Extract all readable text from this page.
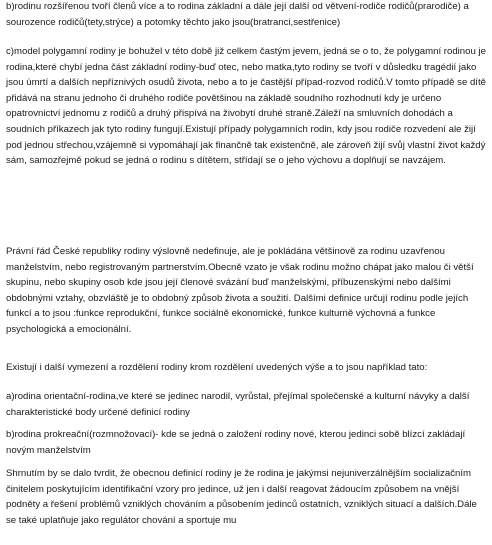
b)rodinu rozšířenou tvoří členů více a to rodina základní a dále její další od větvení-rodiče rodičů(prarodiče) a sourozence rodičů(tety,strýce) a potomky těchto jako jsou(bratranci,sestřenice)

c)model polygamní rodiny je bohužel v této době již celkem častým jevem, jedná se o to, že polygamní rodinou je rodina,které chybí jedna část základní rodiny-buď otec, nebo matka,tyto rodiny se tvoří v důsledku tragédií jako jsou úmrtí a dalších nepříznivých osudů života, nebo a to je častější případ-rozvod rodičů.V tomto případě se dítě přidává na stranu jednoho či druhého rodiče povětšinou na základě soudního rozhodnutí kdy je určeno opatrovnictví jednomu z rodičů a druhý přispívá na živobytí druhé straně.Záleží na smluvních dohodách a soudních příkazech jak tyto rodiny fungují.Existují případy polygamních rodin, kdy jsou rodiče rozvedení ale žijí pod jednou střechou,vzájemně si vypomáhají jak finančně tak existenčně, ale zároveň žijí svůj vlastní život každý sám, samozřejmě pokud se jedná o rodinu s dítětem, střídají se o jeho výchovu a doplňují se navzájem.

Právní řád České republiky rodiny výslovně nedefinuje, ale je pokládána většinově za rodinu uzavřenou manželstvím, nebo registrovaným partnerstvím.Obecně vzato je však rodinu možno chápat jako malou či větší skupinu, nebo skupiny osob kde jsou její členové svázání buď manželskými, příbuzenskými nebo dalšími obdobnými vztahy, obzvláště je to obdobný způsob života a soužití. Dalšími definice určují rodinu podle jejích funkcí a to jsou :funkce reprodukční, funkce sociálně ekonomické, funkce kulturně výchovná a funkce psychologická a emocionální.

Existují i další vymezení a rozdělení rodiny krom rozdělení uvedených výše a to jsou například tato:

a)rodina orientační-rodina,ve které se jedinec narodil, vyrůstal, přejímal společenské a kulturní návyky a další charakteristické body určené definicí rodiny

b)rodina prokreační(rozmnožovací)- kde se jedná o založení rodiny nové, kterou jedinci sobě blízcí zakládají novým manželstvím

Shrnutím by se dalo tvrdit, že obecnou definicí rodiny je že rodina je jakýmsi nejuniverzálnějším socializačním činitelem poskytujícím identifikační vzory pro jedince, už jen i další reagovat žádoucím způsobem na vnější podněty a řešení problémů vzniklých chováním a působením jedinců ostatních, vzniklých situací a dalších.Dále se také uplatňuje jako regulátor chování a sportuje mu
